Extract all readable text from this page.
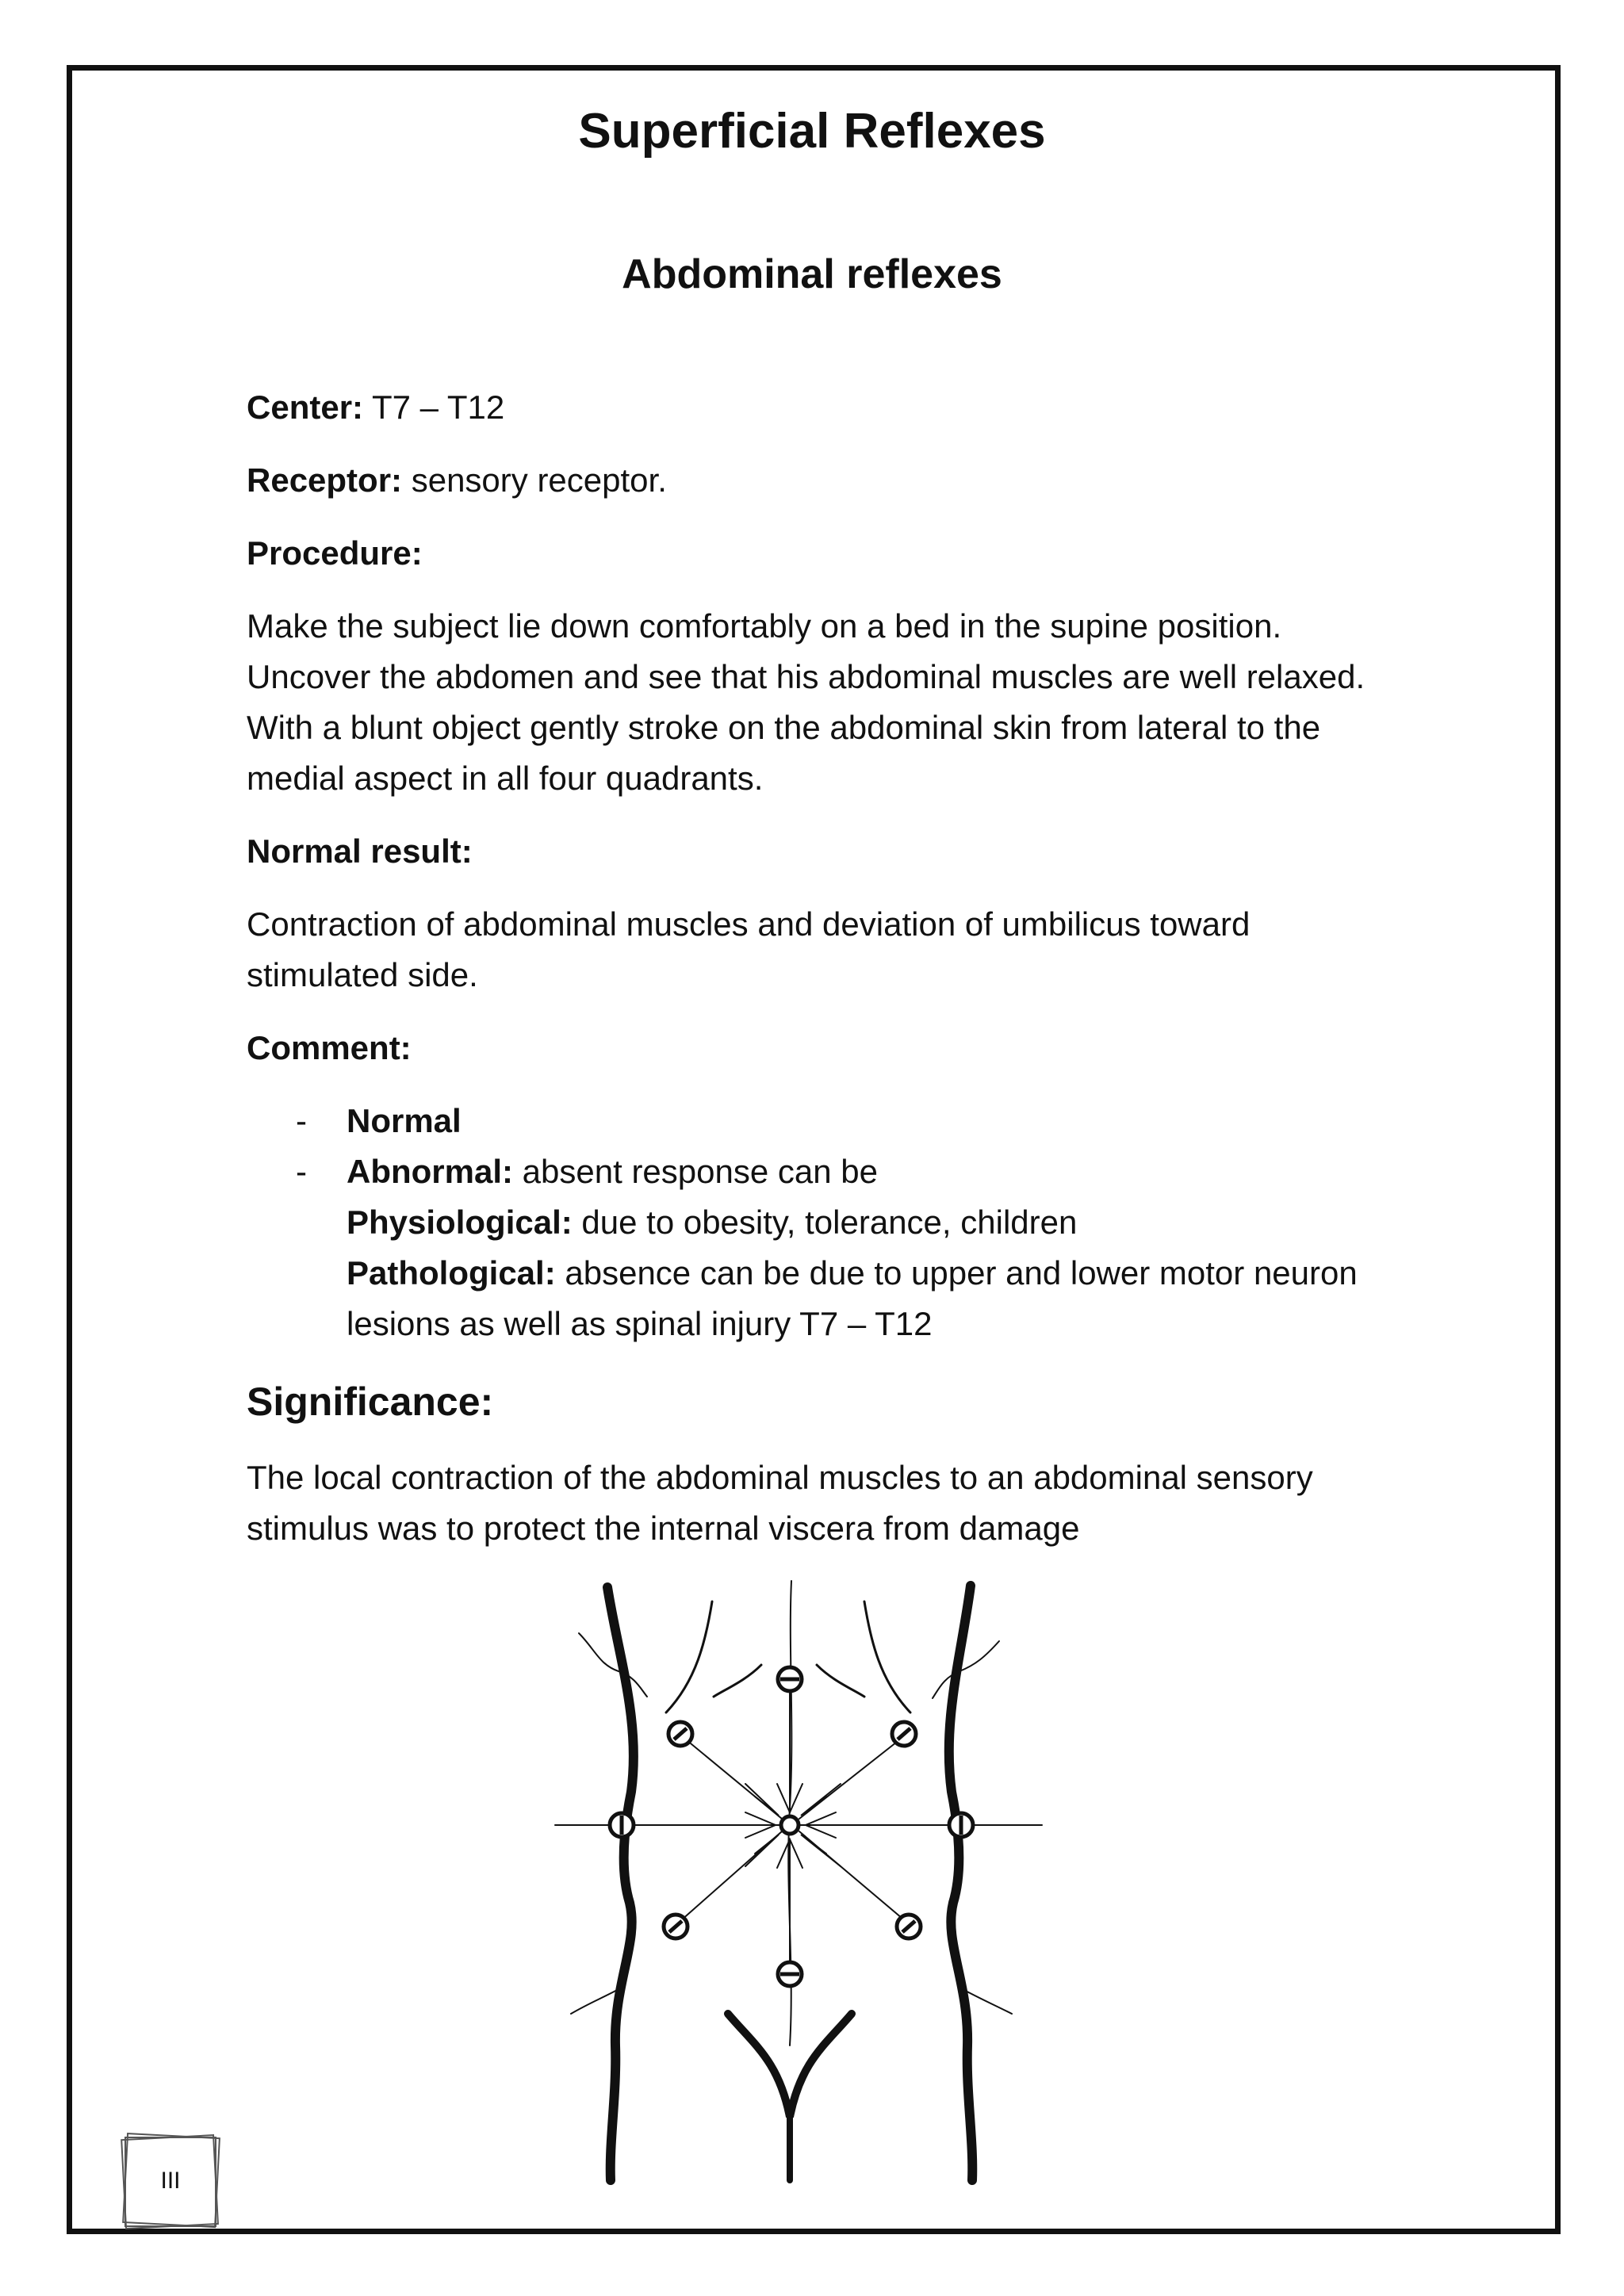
Superficial Reflexes
Abdominal reflexes

Center: T7 – T12

Receptor: sensory receptor.

Procedure:

Make the subject lie down comfortably on a bed in the supine position. Uncover the abdomen and see that his abdominal muscles are well relaxed. With a blunt object gently stroke on the abdominal skin from lateral to the medial aspect in all four quadrants.

Normal result:

Contraction of abdominal muscles and deviation of umbilicus toward stimulated side.

Comment:

- Normal
- Abnormal: absent response can be
Physiological: due to obesity, tolerance, children
Pathological: absence can be due to upper and lower motor neuron lesions as well as spinal injury T7 – T12

Significance:

The local contraction of the abdominal muscles to an abdominal sensory stimulus was to protect the internal viscera from damage

III
